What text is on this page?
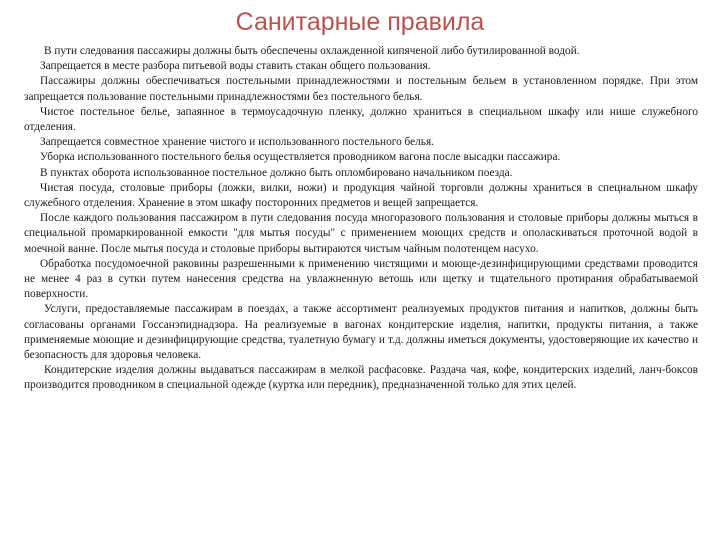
Санитарные правила

В пути следования пассажиры должны быть обеспечены охлажденной кипяченой либо бутилированной водой.

Запрещается в месте разбора питьевой воды ставить стакан общего пользования.

Пассажиры должны обеспечиваться постельными принадлежностями и постельным бельем в установленном порядке. При этом запрещается пользование постельными принадлежностями без постельного белья.

Чистое постельное белье, запаянное в термоусадочную пленку, должно храниться в специальном шкафу или нише служебного отделения.

Запрещается совместное хранение чистого и использованного постельного белья.

Уборка использованного постельного белья осуществляется проводником вагона после высадки пассажира.

В пунктах оборота использованное постельное должно быть опломбировано начальником поезда.

Чистая посуда, столовые приборы (ложки, вилки, ножи) и продукция чайной торговли должны храниться в специальном шкафу служебного отделения. Хранение в этом шкафу посторонних предметов и вещей запрещается.

После каждого пользования пассажиром в пути следования посуда многоразового пользования и столовые приборы должны мыться в специальной промаркированной емкости "для мытья посуды" с применением моющих средств и ополаскиваться проточной водой в моечной ванне. После мытья посуда и столовые приборы вытираются чистым чайным полотенцем насухо.

Обработка посудомоечной раковины разрешенными к применению чистящими и моюще-дезинфицирующими средствами проводится не менее 4 раз в сутки путем нанесения средства на увлажненную ветошь или щетку и тщательного протирания обрабатываемой поверхности.

Услуги, предоставляемые пассажирам в поездах, а также ассортимент реализуемых продуктов питания и напитков, должны быть согласованы органами Госсанэпиднадзора. На реализуемые в вагонах кондитерские изделия, напитки, продукты питания, а также применяемые моющие и дезинфицирующие средства, туалетную бумагу и т.д. должны иметься документы, удостоверяющие их качество и безопасность для здоровья человека.

Кондитерские изделия должны выдаваться пассажирам в мелкой расфасовке. Раздача чая, кофе, кондитерских изделий, ланч-боксов производится проводником в специальной одежде (куртка или передник), предназначенной только для этих целей.
